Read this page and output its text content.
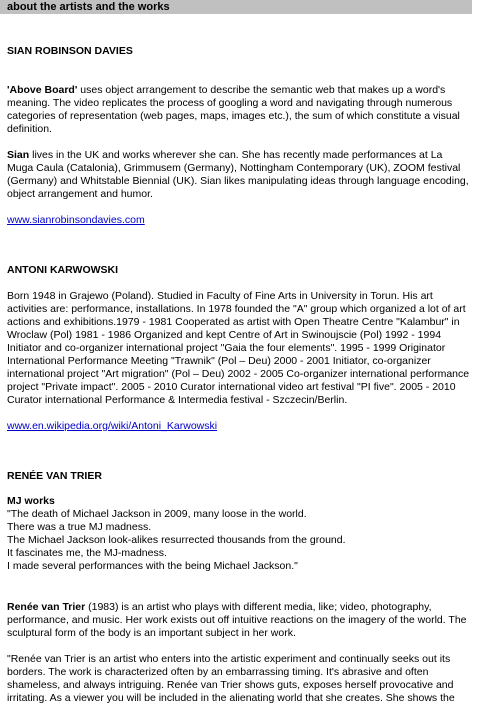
about the artists and the works

SIAN ROBINSON DAVIES

'Above Board' uses object arrangement to describe the semantic web that makes up a word's meaning. The video replicates the process of googling a word and navigating through numerous categories of representation (web pages, maps, images etc.), the sum of which constitute a visual definition.

Sian lives in the UK and works wherever she can. She has recently made performances at La Muga Caula (Catalonia), Grimmusem (Germany), Nottingham Contemporary (UK), ZOOM festival (Germany) and Whitstable Biennial (UK). Sian likes manipulating ideas through language encoding, object arrangement and humor.

www.sianrobinsondavies.com

ANTONI KARWOWSKI

Born 1948 in Grajewo (Poland). Studied in Faculty of Fine Arts in University in Torun. His art activities are: performance, installations. In 1978 founded the "A" group which organized a lot of art actions and exhibitions.1979 - 1981 Cooperated as artist with Open Theatre Centre "Kalambur" in Wroclaw (Pol) 1981 - 1986 Organized and kept Centre of Art in Swinoujscie (Pol) 1992 - 1994 Initiator and co-organizer international project "Gaia the four elements". 1995 - 1999 Originator International Performance Meeting "Trawnik" (Pol – Deu) 2000 - 2001 Initiator, co-organizer international project "Art migration" (Pol – Deu) 2002 - 2005 Co-organizer international performance project "Private impact". 2005 - 2010 Curator international video art festival "PI five". 2005 - 2010 Curator international Performance & Intermedia festival - Szczecin/Berlin.

www.en.wikipedia.org/wiki/Antoni_Karwowski

RENÉE VAN TRIER

MJ works

"The death of Michael Jackson in 2009, many loose in the world.

There was a true MJ madness.

The Michael Jackson look-alikes resurrected thousands from the ground.

It fascinates me, the MJ-madness.

I made several performances with the being Michael Jackson."

Renée van Trier (1983) is an artist who plays with different media, like; video, photography, performance, and music. Her work exists out off intuitive reactions on the imagery of the world. The sculptural form of the body is an important subject in her work.

"Renée van Trier is an artist who enters into the artistic experiment and continually seeks out its borders. The work is characterized often by an embarrassing timing. It's abrasive and often shameless, and always intriguing. Renée van Trier shows guts, exposes herself provocative and irritating. As a viewer you will be included in the alienating world that she creates. She shows the
